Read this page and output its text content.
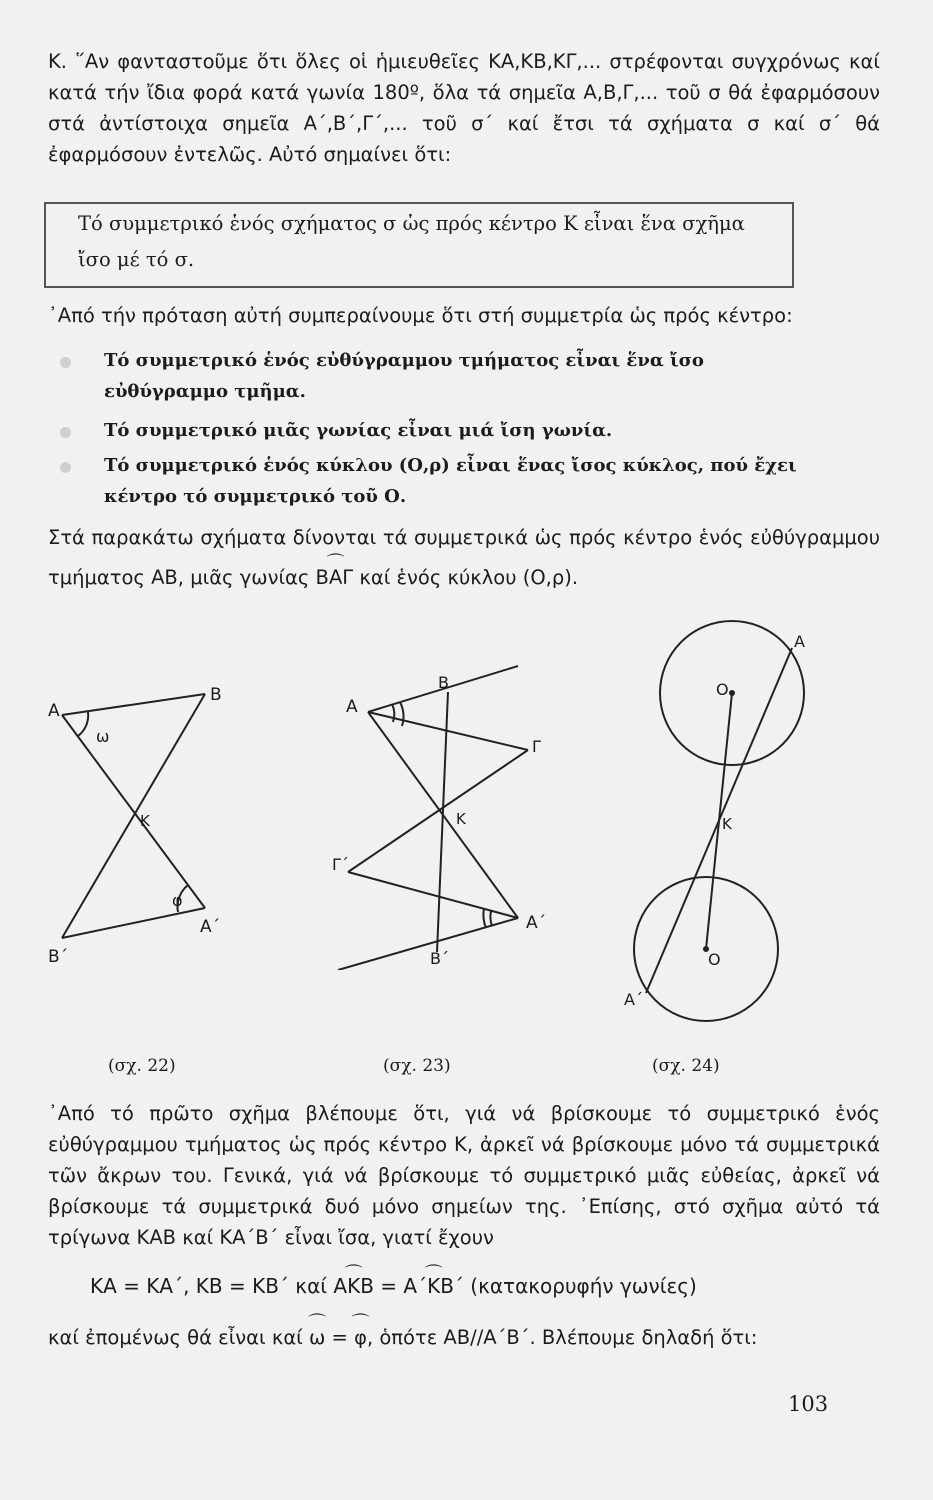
Κ. ῞Αν φανταστοῦμε ὅτι ὅλες οἱ ἡμιευθεῖες ΚΑ,ΚΒ,ΚΓ,... στρέφονται συγχρόνως καί κατά τήν ἴδια φορά κατά γωνία 180º, ὅλα τά σημεῖα Α,Β,Γ,... τοῦ σ θά ἐφαρμόσουν στά ἀντίστοιχα σημεῖα Α΄,Β΄,Γ΄,... τοῦ σ΄ καί ἔτσι τά σχήματα σ καί σ΄ θά ἐφαρμόσουν ἐντελῶς. Αὐτό σημαίνει ὅτι:
Τό συμμετρικό ἑνός σχήματος σ ὡς πρός κέντρο Κ εἶναι ἕνα σχῆμα ἴσο μέ τό σ.
᾿Από τήν πρόταση αὐτή συμπεραίνουμε ὅτι στή συμμετρία ὡς πρός κέντρο:
Τό συμμετρικό ἑνός εὐθύγραμμου τμήματος εἶναι ἕνα ἴσο εὐθύγραμμο τμῆμα.
Τό συμμετρικό μιᾶς γωνίας εἶναι μιά ἴση γωνία.
Τό συμμετρικό ἑνός κύκλου (Ο,ρ) εἶναι ἕνας ἴσος κύκλος, πού ἔχει κέντρο τό συμμετρικό τοῦ Ο.
Στά παρακάτω σχήματα δίνονται τά συμμετρικά ὡς πρός κέντρο ἑνός εὐθύγραμμου τμήματος ΑΒ, μιᾶς γωνίας Β⌒ ΑΓ καί ἑνός κύκλου (Ο,ρ).
Α
Β
ω
Κ
φ
Α΄
Β΄
Β
Α
Γ
Κ
Γ΄
Α΄
Β΄
Α
Ο
Κ
Ο
Α΄
(σχ. 22)	(σχ. 23)	(σχ. 24)
᾿Από τό πρῶτο σχῆμα βλέπουμε ὅτι, γιά νά βρίσκουμε τό συμμετρικό ἑνός εὐθύγραμμου τμήματος ὡς πρός κέντρο Κ, ἀρκεῖ νά βρίσκουμε μόνο τά συμμετρικά τῶν ἄκρων του. Γενικά, γιά νά βρίσκουμε τό συμμετρικό μιᾶς εὐθείας, ἀρκεῖ νά βρίσκουμε τά συμμετρικά δυό μόνο σημείων της. ᾿Επίσης, στό σχῆμα αὐτό τά τρίγωνα ΚΑΒ καί ΚΑ΄Β΄ εἶναι ἴσα, γιατί ἔχουν
ΚΑ = ΚΑ΄, ΚΒ = ΚΒ΄ καί Α⌒ ΚΒ = Α΄⌒ ΚΒ΄ (κατακορυφήν γωνίες)
καί ἐπομένως θά εἶναι καί ⌒ ω = ⌒ φ, ὁπότε ΑΒ//Α΄Β΄. Βλέπουμε δηλαδή ὅτι:
103
